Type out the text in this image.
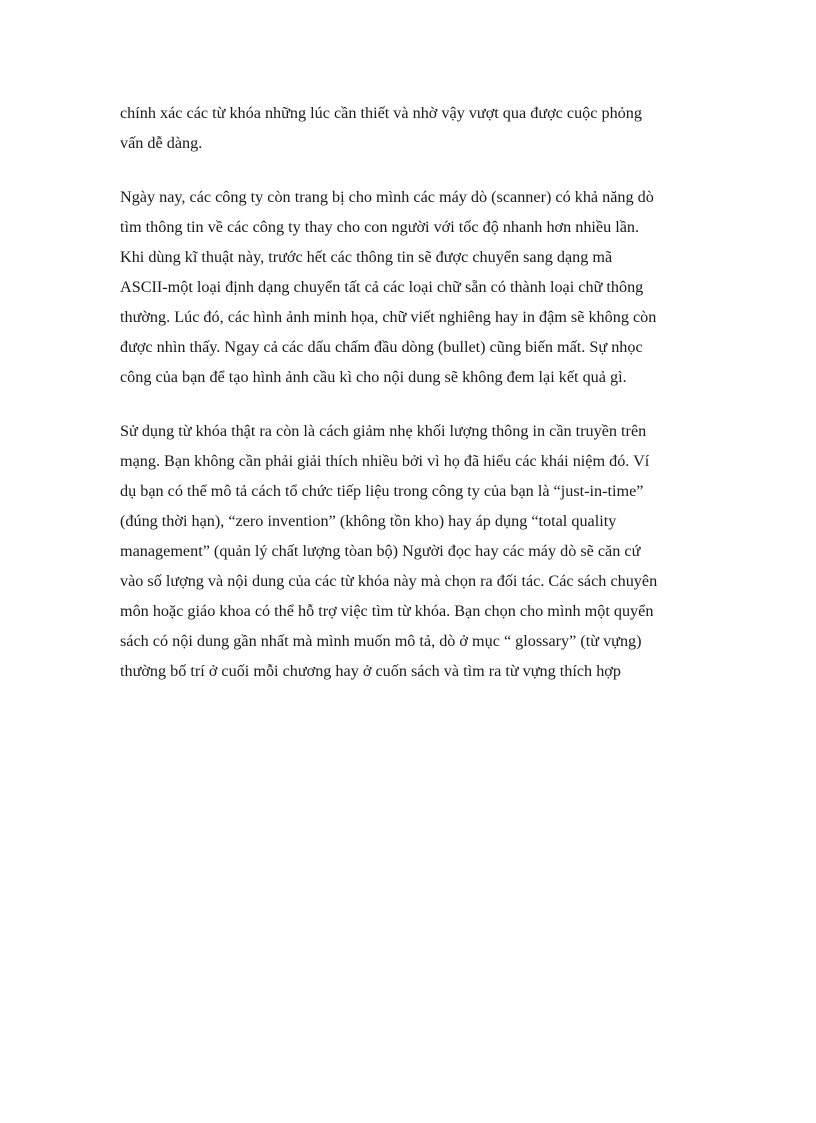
chính xác các từ khóa những lúc cần thiết và nhờ vậy vượt qua được cuộc phỏng
vấn dễ dàng.

Ngày nay, các công ty còn trang bị cho mình các máy dò (scanner) có khả năng dò
tìm thông tin về các công ty thay cho con người với tốc độ nhanh hơn nhiều lần.
Khi dùng kĩ thuật này, trước hết các thông tin sẽ được chuyển sang dạng mã
ASCII-một loại định dạng chuyển tất cả các loại chữ sẵn có thành loại chữ thông
thường. Lúc đó, các hình ảnh minh họa, chữ viết nghiêng hay in đậm sẽ không còn
được nhìn thấy. Ngay cả các dấu chấm đầu dòng (bullet) cũng biến mất. Sự nhọc
công của bạn để tạo hình ảnh cầu kì cho nội dung sẽ không đem lại kết quả gì.

Sử dụng từ khóa thật ra còn là cách giảm nhẹ khối lượng thông in cần truyền trên
mạng. Bạn không cần phải giải thích nhiều bởi vì họ đã hiểu các khái niệm đó. Ví
dụ bạn có thể mô tả cách tổ chức tiếp liệu trong công ty của bạn là “just-in-time”
(đúng thời hạn), “zero invention” (không tồn kho) hay áp dụng “total quality
management” (quản lý chất lượng tòan bộ) Người đọc hay các máy dò sẽ căn cứ
vào số lượng và nội dung của các từ khóa này mà chọn ra đối tác. Các sách chuyên
môn hoặc giáo khoa có thể hỗ trợ việc tìm từ khóa. Bạn chọn cho mình một quyển
sách có nội dung gần nhất mà mình muốn mô tả, dò ở mục “ glossary” (từ vựng)
thường bố trí ở cuối mỗi chương hay ở cuốn sách và tìm ra từ vựng thích hợp
